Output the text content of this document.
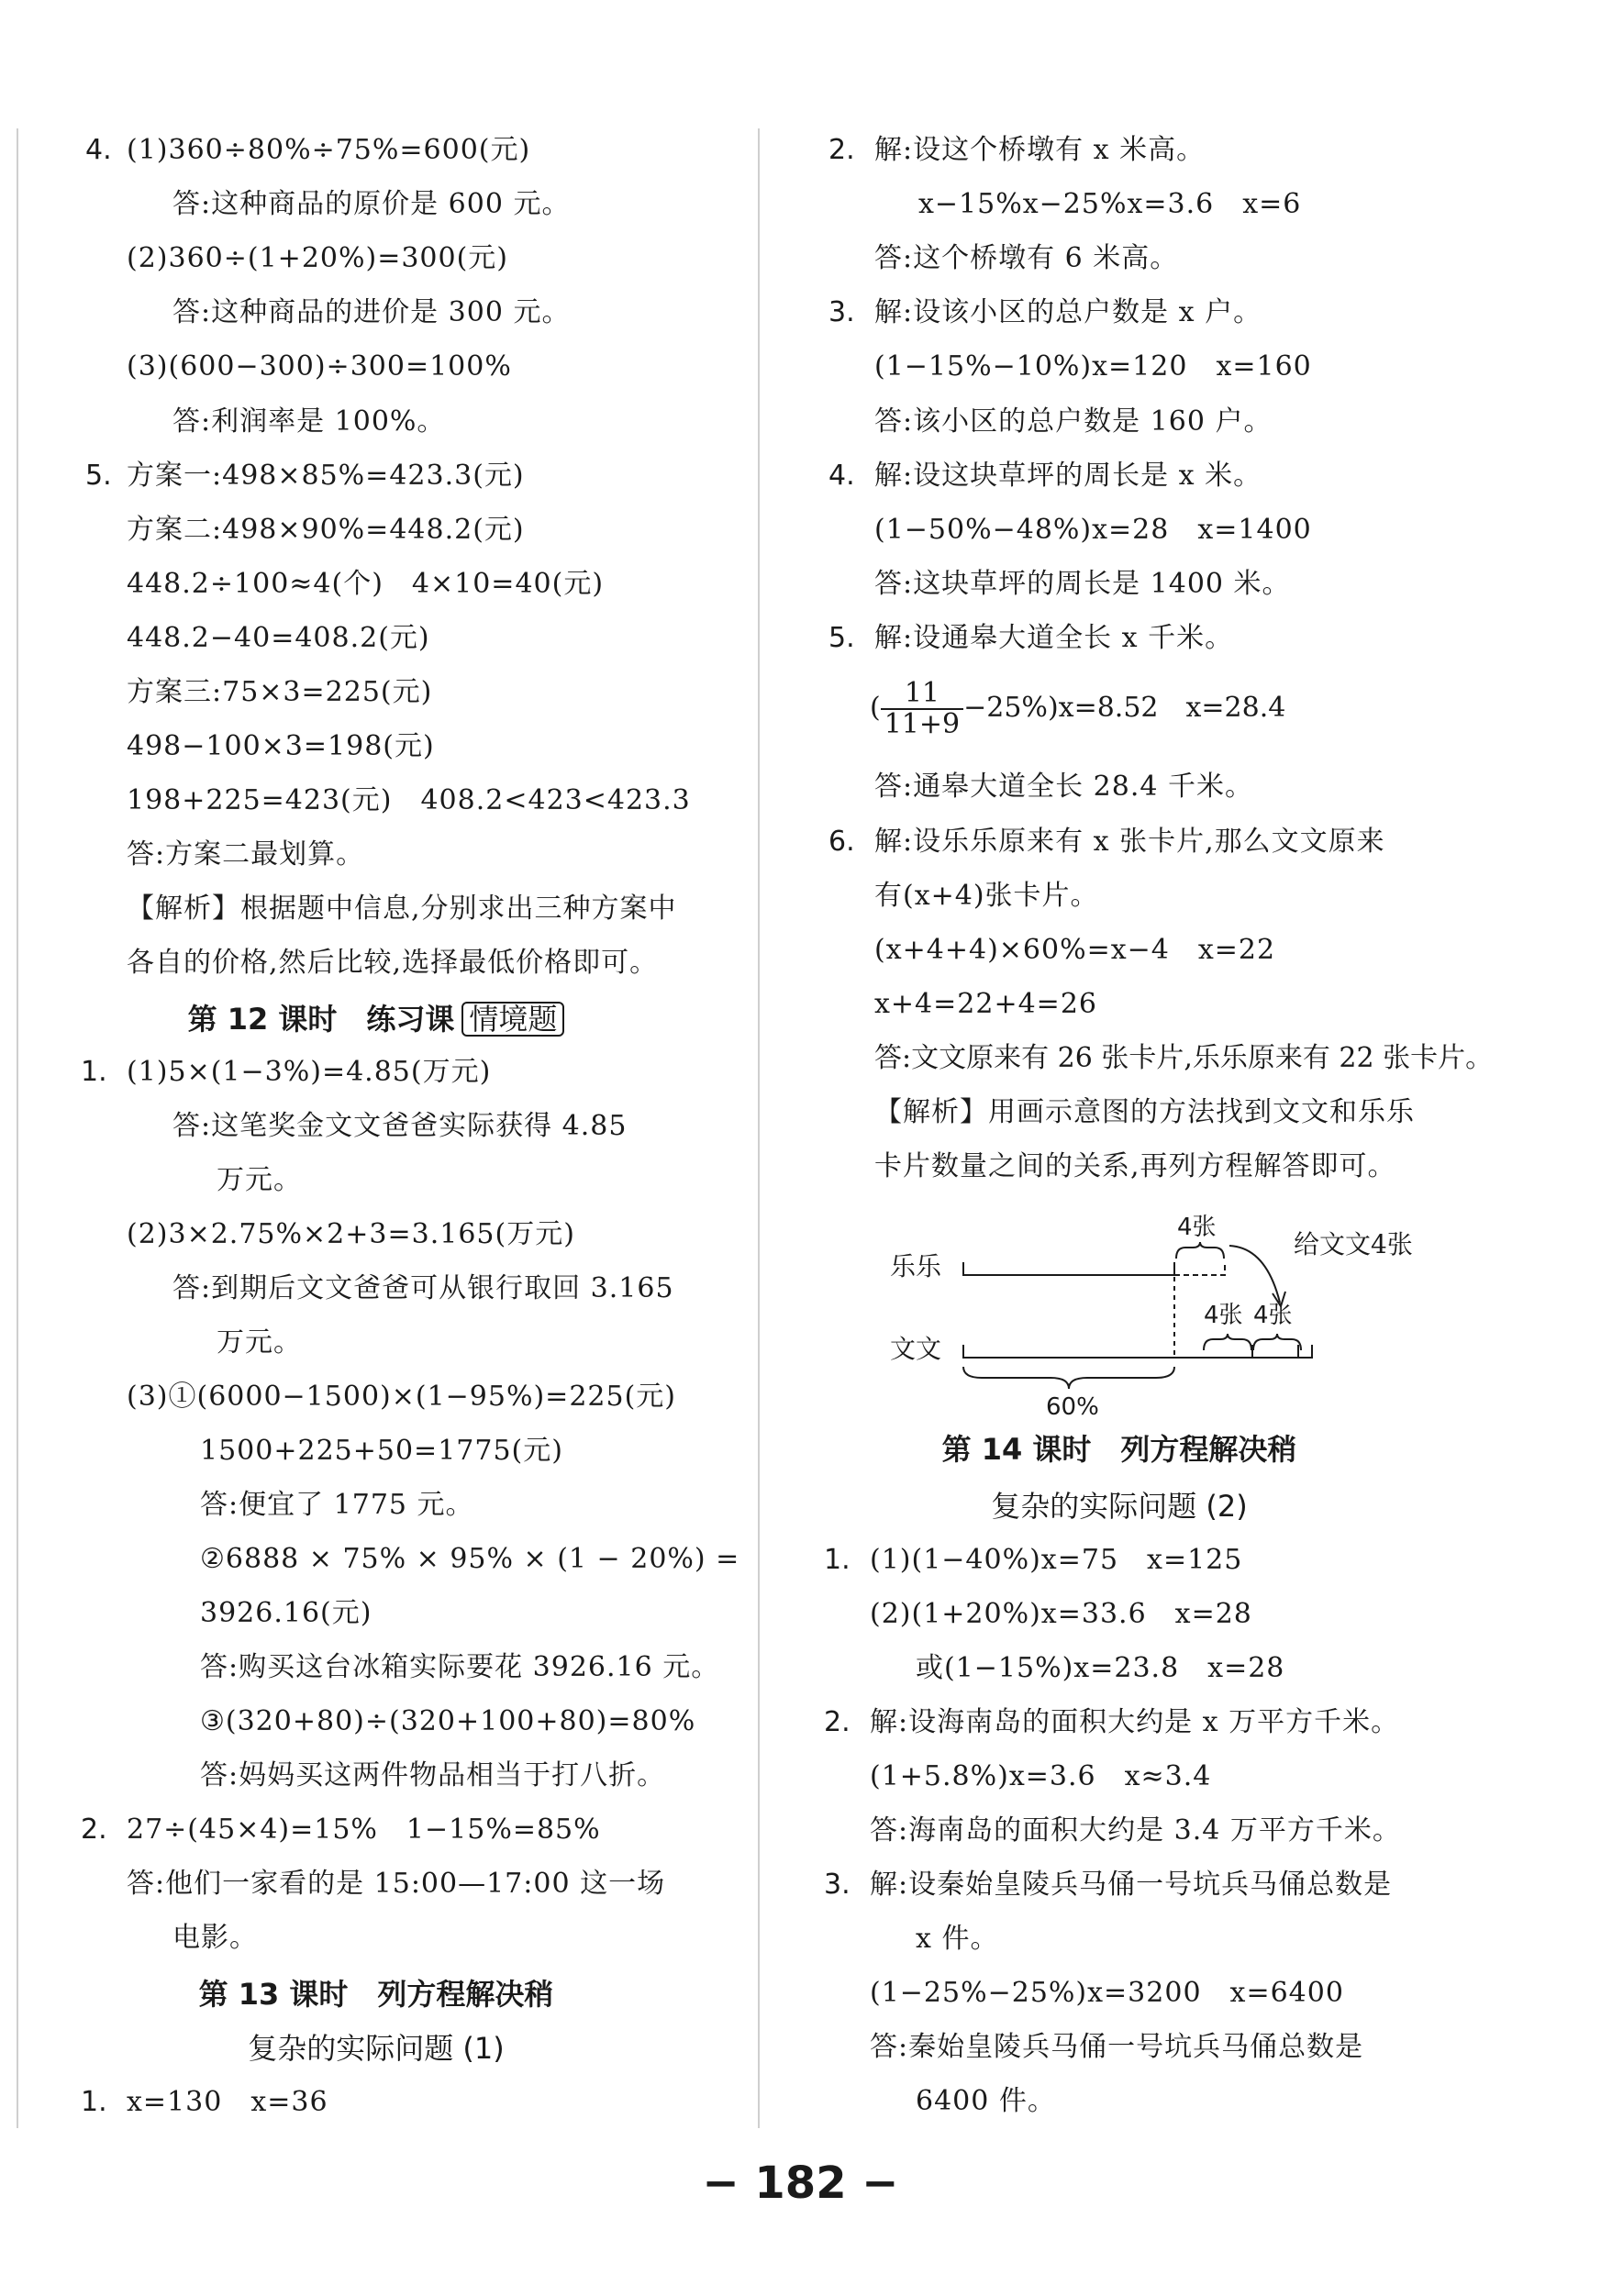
4. (1)360÷80%÷75%=600(元)
答:这种商品的原价是 600 元。
(2)360÷(1+20%)=300(元)
答:这种商品的进价是 300 元。
(3)(600−300)÷300=100%
答:利润率是 100%。
5. 方案一:498×85%=423.3(元)
方案二:498×90%=448.2(元)
448.2÷100≈4(个)　4×10=40(元)
448.2−40=408.2(元)
方案三:75×3=225(元)
498−100×3=198(元)
198+225=423(元)　408.2<423<423.3
答:方案二最划算。
【解析】根据题中信息,分别求出三种方案中
各自的价格,然后比较,选择最低价格即可。
第 12 课时　练习课 情境题
1. (1)5×(1−3%)=4.85(万元)
答:这笔奖金文文爸爸实际获得 4.85
万元。
(2)3×2.75%×2+3=3.165(万元)
答:到期后文文爸爸可从银行取回 3.165
万元。
(3)①(6000−1500)×(1−95%)=225(元)
1500+225+50=1775(元)
答:便宜了 1775 元。
②6888 × 75% × 95% × (1 − 20%) =
3926.16(元)
答:购买这台冰箱实际要花 3926.16 元。
③(320+80)÷(320+100+80)=80%
答:妈妈买这两件物品相当于打八折。
2. 27÷(45×4)=15%　1−15%=85%
答:他们一家看的是 15:00—17:00 这一场
电影。
第 13 课时　列方程解决稍
复杂的实际问题 (1)
1. x=130　x=36
2. 解:设这个桥墩有 x 米高。
x−15%x−25%x=3.6　x=6
答:这个桥墩有 6 米高。
3. 解:设该小区的总户数是 x 户。
(1−15%−10%)x=120　x=160
答:该小区的总户数是 160 户。
4. 解:设这块草坪的周长是 x 米。
(1−50%−48%)x=28　x=1400
答:这块草坪的周长是 1400 米。
5. 解:设通皋大道全长 x 千米。
( $\frac{11}{11+9} -25\%)x=8.52$　x=28.4
答:通皋大道全长 28.4 千米。
6. 解:设乐乐原来有 x 张卡片,那么文文原来
有(x+4)张卡片。
(x+4+4)×60%=x−4　x=22
x+4=22+4=26
答:文文原来有 26 张卡片,乐乐原来有 22 张卡片。
【解析】用画示意图的方法找到文文和乐乐
卡片数量之间的关系,再列方程解答即可。
乐乐
文文
4张
给文文4张
4张 4张
60%
第 14 课时　列方程解决稍
复杂的实际问题 (2)
1. (1)(1−40%)x=75　x=125
(2)(1+20%)x=33.6　x=28
或(1−15%)x=23.8　x=28
2. 解:设海南岛的面积大约是 x 万平方千米。
(1+5.8%)x=3.6　x≈3.4
答:海南岛的面积大约是 3.4 万平方千米。
3. 解:设秦始皇陵兵马俑一号坑兵马俑总数是
x 件。
(1−25%−25%)x=3200　x=6400
答:秦始皇陵兵马俑一号坑兵马俑总数是
6400 件。
− 182 −
